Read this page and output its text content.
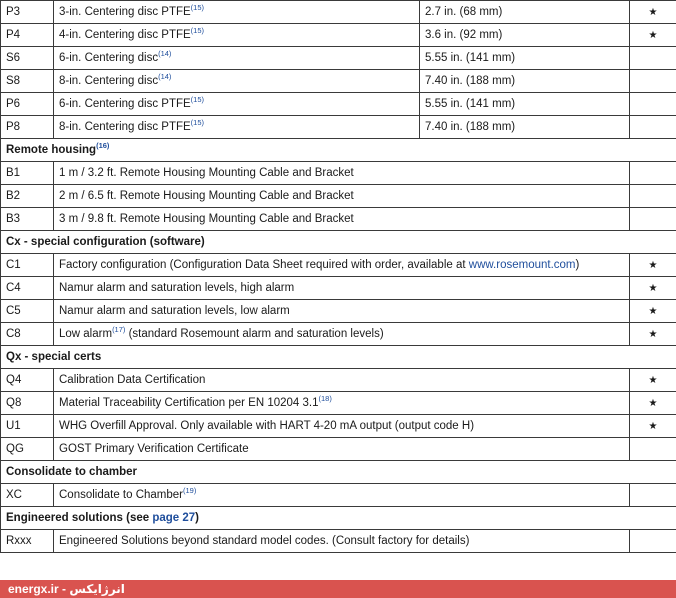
P3	3-in. Centering disc PTFE$^{(15)}$	2.7 in. (68 mm)	★
P4	4-in. Centering disc PTFE$^{(15)}$	3.6 in. (92 mm)	★
S6	6-in. Centering disc$^{(14)}$	5.55 in. (141 mm)	
S8	8-in. Centering disc$^{(14)}$	7.40 in. (188 mm)	
P6	6-in. Centering disc PTFE$^{(15)}$	5.55 in. (141 mm)	
P8	8-in. Centering disc PTFE$^{(15)}$	7.40 in. (188 mm)	
Remote housing$^{(16)}$
B1	1 m / 3.2 ft. Remote Housing Mounting Cable and Bracket		
B2	2 m / 6.5 ft. Remote Housing Mounting Cable and Bracket		
B3	3 m / 9.8 ft. Remote Housing Mounting Cable and Bracket		
Cx - special configuration (software)			
C1	Factory configuration (Configuration Data Sheet required with order, available at www.rosemount.com)		★
C4	Namur alarm and saturation levels, high alarm		★
C5	Namur alarm and saturation levels, low alarm		★
C8	Low alarm$^{(17)}$ (standard Rosemount alarm and saturation levels)		★
Qx - special certs			
Q4	Calibration Data Certification		★
Q8	Material Traceability Certification per EN 10204 3.1$^{(18)}$		★
U1	WHG Overfill Approval. Only available with HART 4-20 mA output (output code H)		★
QG	GOST Primary Verification Certificate		
Consolidate to chamber			
XC	Consolidate to Chamber$^{(19)}$	
Engineered solutions (see page 27)			
Rxxx	Engineered Solutions beyond standard model codes. (Consult factory for details)		
energx.ir - انرژایکس
